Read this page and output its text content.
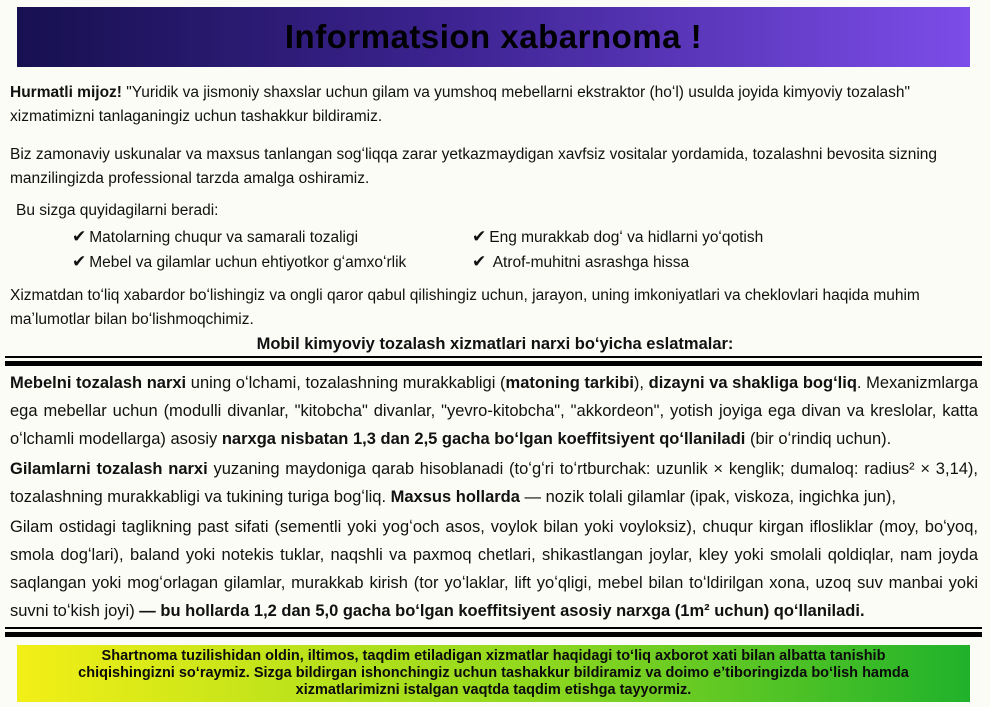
Informatsion xabarnoma !

Hurmatli mijoz! "Yuridik va jismoniy shaxslar uchun gilam va yumshoq mebellarni ekstraktor (hoʻl) usulda joyida kimyoviy tozalash" xizmatimizni tanlaganingiz uchun tashakkur bildiramiz.

Biz zamonaviy uskunalar va maxsus tanlangan sogʻliqqa zarar yetkazmaydigan xavfsiz vositalar yordamida, tozalashni bevosita sizning manzilingizda professional tarzda amalga oshiramiz.

Bu sizga quyidagilarni beradi:

✔ Matolarning chuqur va samarali tozaligi	✔ Eng murakkab dogʻ va hidlarni yoʻqotish
✔ Mebel va gilamlar uchun ehtiyotkor gʻamxoʻrlik	✔ Atrof-muhitni asrashga hissa

Xizmatdan toʻliq xabardor boʻlishingiz va ongli qaror qabul qilishingiz uchun, jarayon, uning imkoniyatlari va cheklovlari haqida muhim maʼlumotlar bilan boʻlishmoqchimiz.

Mobil kimyoviy tozalash xizmatlari narxi boʻyicha eslatmalar:

Mebelni tozalash narxi uning oʻlchami, tozalashning murakkabligi (matoning tarkibi), dizayni va shakliga bogʻliq. Mexanizmlarga ega mebellar uchun (modulli divanlar, "kitobcha" divanlar, "yevro-kitobcha", "akkordeon", yotish joyiga ega divan va kreslolar, katta oʻlchamli modellarga) asosiy narxga nisbatan 1,3 dan 2,5 gacha boʻlgan koeffitsiyent qoʻllaniladi (bir oʻrindiq uchun).

Gilamlarni tozalash narxi yuzaning maydoniga qarab hisoblanadi (toʻgʻri toʻrtburchak: uzunlik × kenglik; dumaloq: radius² × 3,14), tozalashning murakkabligi va tukining turiga bogʻliq. Maxsus hollarda — nozik tolali gilamlar (ipak, viskoza, ingichka jun),

Gilam ostidagi taglikning past sifati (sementli yoki yogʻoch asos, voylok bilan yoki voyloksiz), chuqur kirgan iflosliklar (moy, boʻyoq, smola dogʻlari), baland yoki notekis tuklar, naqshli va paxmoq chetlari, shikastlangan joylar, kley yoki smolali qoldiqlar, nam joyda saqlangan yoki mogʻorlagan gilamlar, murakkab kirish (tor yoʻlaklar, lift yoʻqligi, mebel bilan toʻldirilgan xona, uzoq suv manbai yoki suvni toʻkish joyi) — bu hollarda 1,2 dan 5,0 gacha boʻlgan koeffitsiyent asosiy narxga (1m² uchun) qoʻllaniladi.

Shartnoma tuzilishidan oldin, iltimos, taqdim etiladigan xizmatlar haqidagi toʻliq axborot xati bilan albatta tanishib chiqishingizni soʻraymiz. Sizga bildirgan ishonchingiz uchun tashakkur bildiramiz va doimo eʼtiboringizda boʻlish hamda xizmatlarimizni istalgan vaqtda taqdim etishga tayyormiz.
